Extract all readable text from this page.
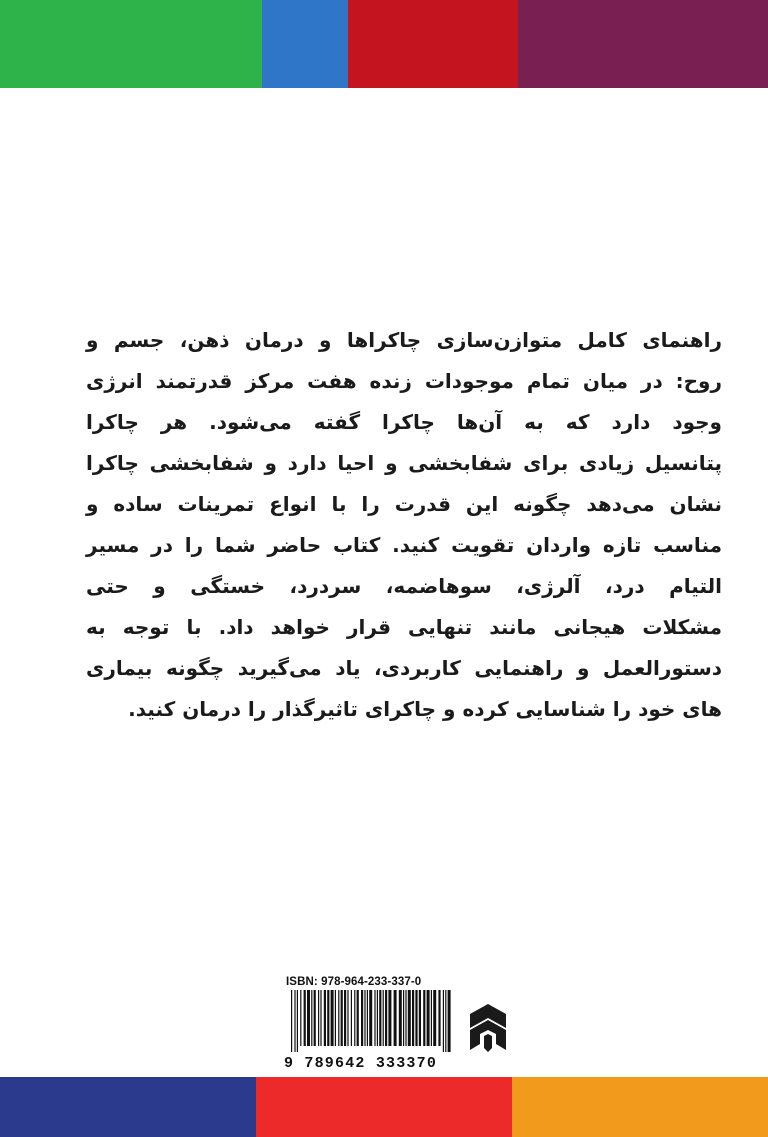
راهنمای کامل متوازن‌سازی چاکراها و درمان ذهن، جسم و
روح: در میان تمام موجودات زنده هفت مرکز قدرتمند انرژی
وجود دارد که به آن‌ها چاکرا گفته می‌شود. هر چاکرا
پتانسیل زیادی برای شفابخشی و احیا دارد و شفابخشی چاکرا
نشان می‌دهد چگونه این قدرت را با انواع تمرینات ساده و
مناسب تازه واردان تقویت کنید. کتاب حاضر شما را در مسیر
التیام درد، آلرژی، سوهاضمه، سردرد، خستگی و حتی
مشکلات هیجانی مانند تنهایی قرار خواهد داد. با توجه به
دستورالعمل و راهنمایی کاربردی، یاد می‌گیرید چگونه بیماری
های خود را شناسایی کرده و چاکرای تاثیرگذار را درمان کنید.
ISBN: 978-964-233-337-0
9 789642 333370
